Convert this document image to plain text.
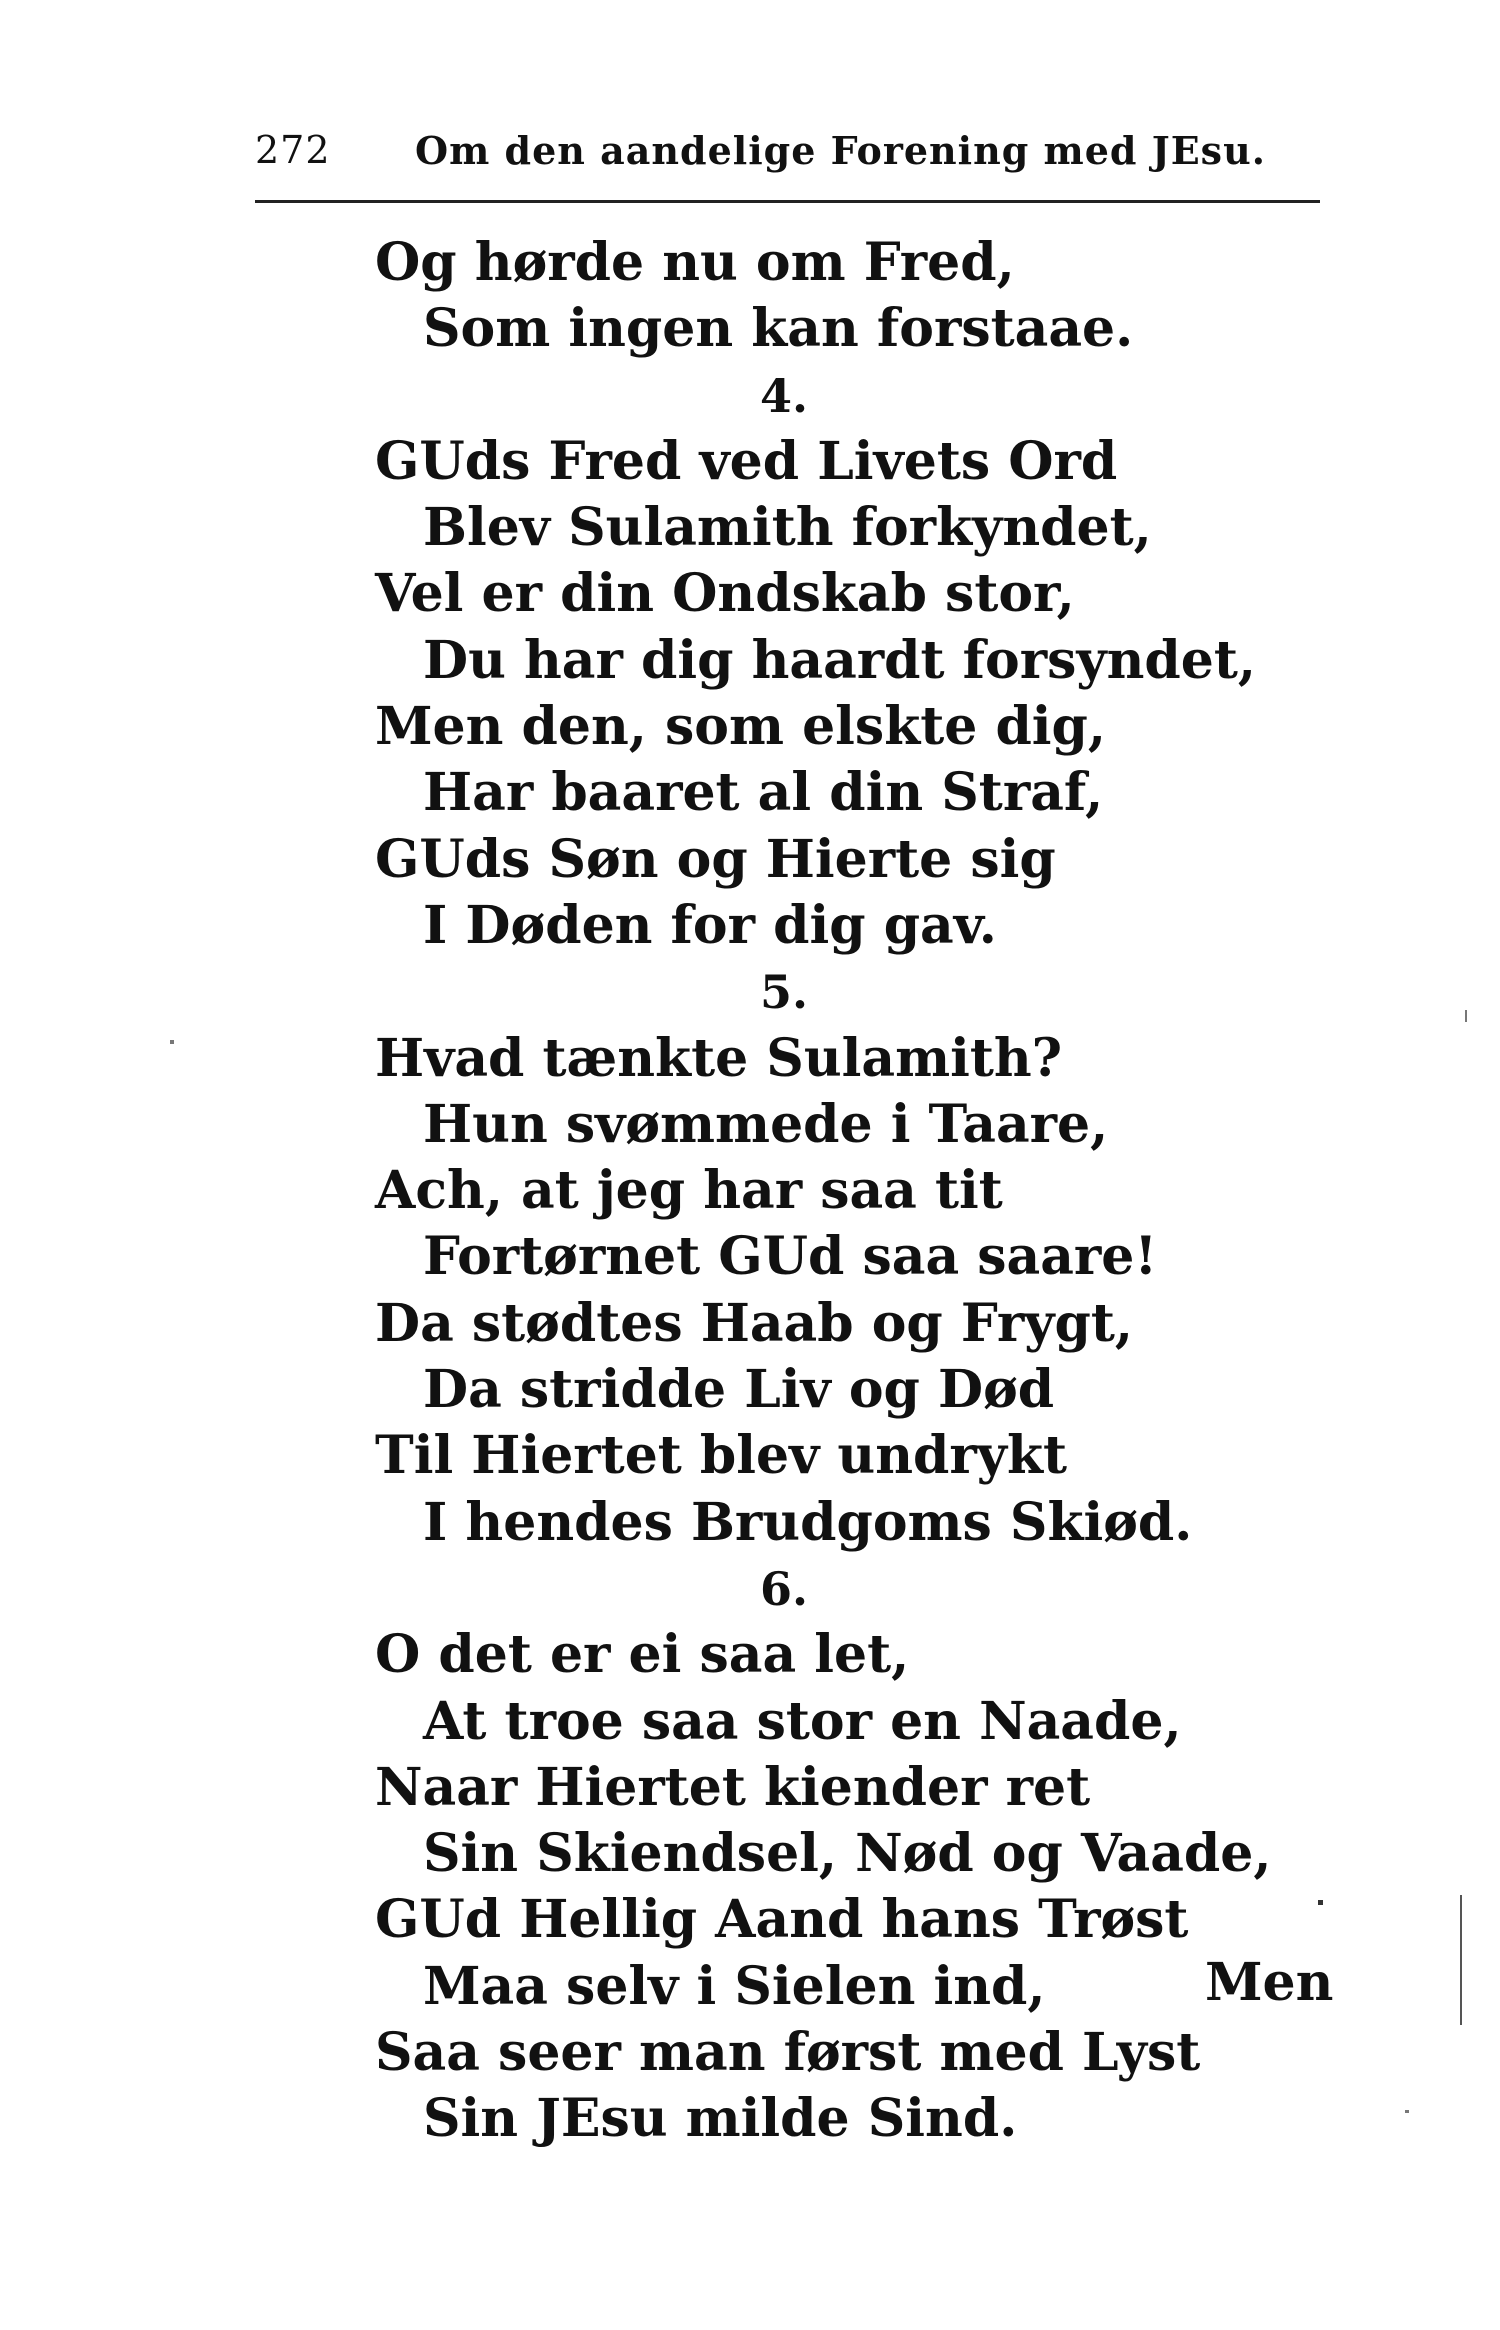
272 Om den aandelige Forening med JEsu.
Og hørde nu om Fred,
Som ingen kan forstaae.
4.
GUds Fred ved Livets Ord
Blev Sulamith forkyndet,
Vel er din Ondskab stor,
Du har dig haardt forsyndet,
Men den, som elskte dig,
Har baaret al din Straf,
GUds Søn og Hierte sig
I Døden for dig gav.
5.
Hvad tænkte Sulamith?
Hun svømmede i Taare,
Ach, at jeg har saa tit
Fortørnet GUd saa saare!
Da stødtes Haab og Frygt,
Da stridde Liv og Død
Til Hiertet blev undrykt
I hendes Brudgoms Skiød.
6.
O det er ei saa let,
At troe saa stor en Naade,
Naar Hiertet kiender ret
Sin Skiendsel, Nød og Vaade,
GUd Hellig Aand hans Trøst
Maa selv i Sielen ind,
Saa seer man først med Lyst
Sin JEsu milde Sind.
Men
